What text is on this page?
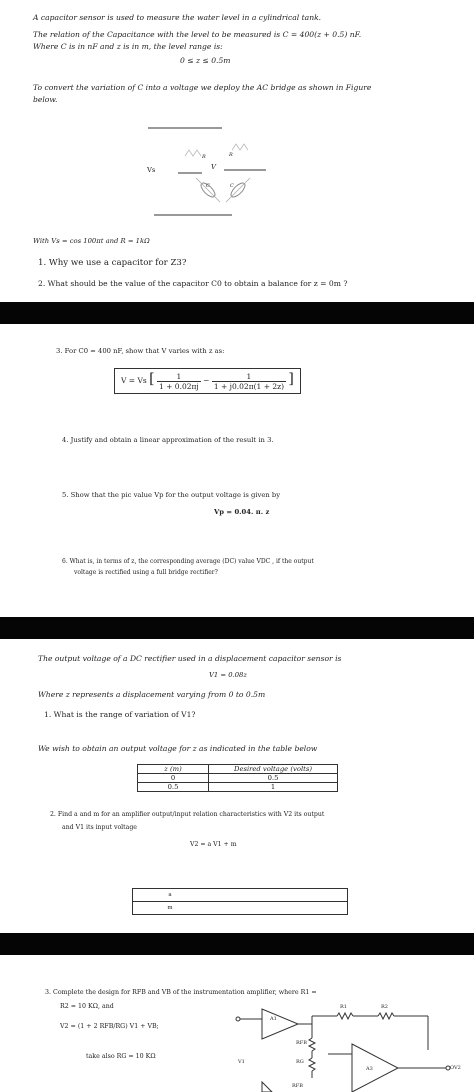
A capacitor sensor is used to measure the water level in a cylindrical tank.
The relation of the Capacitance with the level to be measured is C = 400(z + 0.5) nF.
Where C is in nF and z is in m, the level range is:
0 ≤ z ≤ 0.5m
To convert the variation of C into a voltage we deploy the AC bridge as shown in Figure
below.
Vs	V
R	R
C	C
With Vs = cos 100πt and R = 1kΩ
1. Why we use a capacitor for Z3?
2. What should be the value of the capacitor C0 to obtain a balance for z = 0m ?
3. For C0 = 400 nF, show that V varies with z as:
V = Vs [ $\frac{1}{1 + 0.02\pi j} - \frac{1}{1 + j0.02\pi(1 + 2z)}$ ]
4. Justify and obtain a linear approximation of the result in 3.
5. Show that the pic value Vp for the output voltage is given by
Vp = 0.04. π. z
6. What is, in terms of z, the corresponding average (DC) value VDC , if the output
voltage is rectified using a full bridge rectifier?
The output voltage of a DC rectifier used in a displacement capacitor sensor is
V1 = 0.08z
Where z represents a displacement varying from 0 to 0.5m
1. What is the range of variation of V1?
We wish to obtain an output voltage for z as indicated in the table below
z (m)	Desired voltage (volts)
0	0.5
0.5	1
2. Find a and m for an amplifier output/input relation characteristics with V2 its output
and V1 its input voltage
V2 = a V1 + m
a	
m	
3. Complete the design for RFB and VB of the instrumentation amplifier, where R1 =
R2 = 10 KΩ, and
V2 = (1 + 2 RFB/RG) V1 + VB;
take also RG = 10 KΩ
A1
A3
R1	R2
RFB
RG
V1
OV2
RFB
